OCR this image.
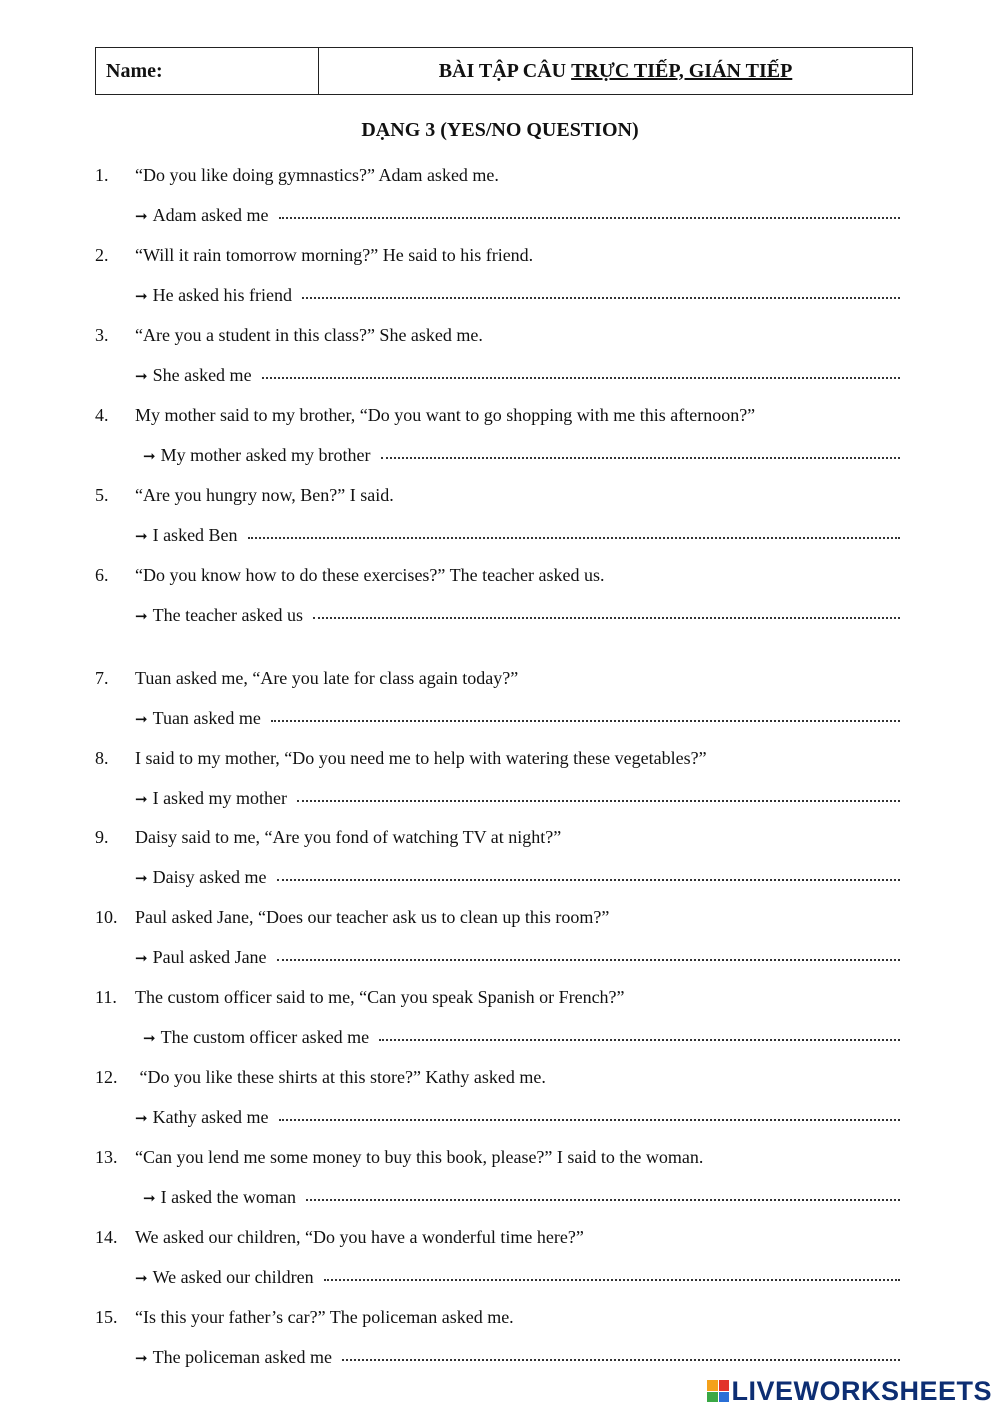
Name:	BÀI TẬP CÂU TRỰC TIẾP, GIÁN TIẾP
DẠNG 3 (YES/NO QUESTION)
1.	“Do you like doing gymnastics?” Adam asked me.
➞ Adam asked me
2.	“Will it rain tomorrow morning?” He said to his friend.
➞ He asked his friend
3.	“Are you a student in this class?” She asked me.
➞ She asked me
4.	My mother said to my brother, “Do you want to go shopping with me this afternoon?”
➞ My mother asked my brother
5.	“Are you hungry now, Ben?” I said.
➞ I asked Ben
6.	“Do you know how to do these exercises?” The teacher asked us.
➞ The teacher asked us
7.	Tuan asked me, “Are you late for class again today?”
➞ Tuan asked me
8.	I said to my mother, “Do you need me to help with watering these vegetables?”
➞ I asked my mother
9.	Daisy said to me, “Are you fond of watching TV at night?”
➞ Daisy asked me
10. Paul asked Jane, “Does our teacher ask us to clean up this room?”
➞ Paul asked Jane
11.	The custom officer said to me, “Can you speak Spanish or French?”
➞ The custom officer asked me
12. “Do you like these shirts at this store?” Kathy asked me.
➞ Kathy asked me
13. “Can you lend me some money to buy this book, please?” I said to the woman.
➞ I asked the woman
14. We asked our children, “Do you have a wonderful time here?”
➞ We asked our children
15. “Is this your father’s car?” The policeman asked me.
➞ The policeman asked me
LIVEWORKSHEETS
